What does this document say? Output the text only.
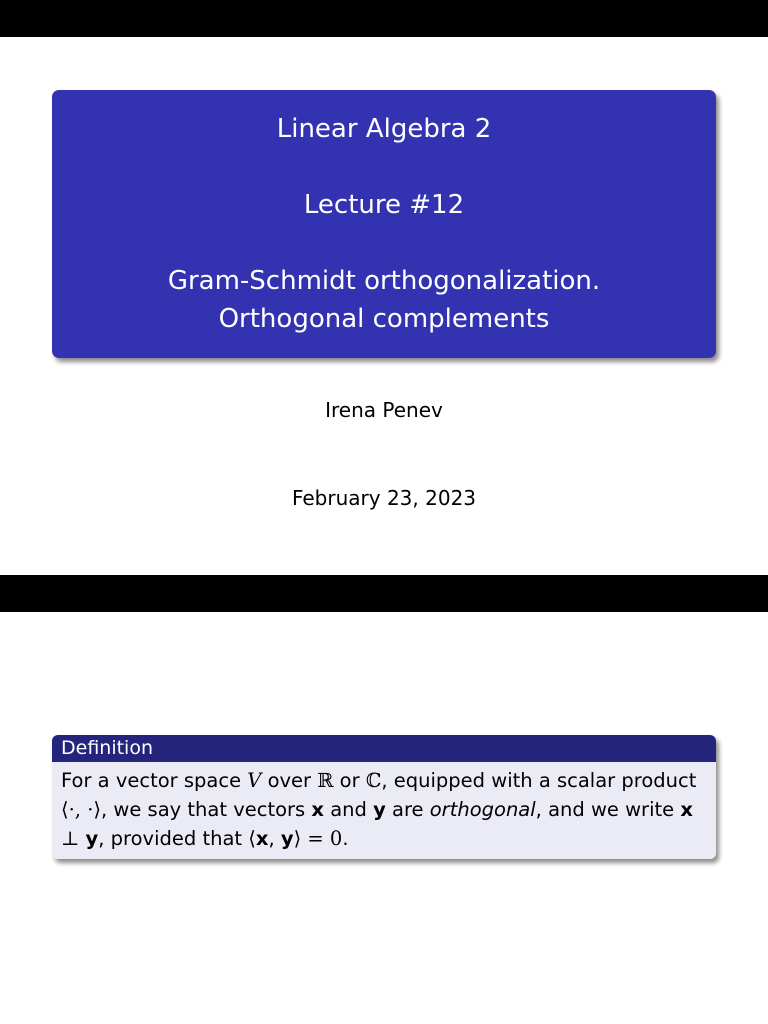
Linear Algebra 2
Lecture #12
Gram-Schmidt orthogonalization. Orthogonal complements
Irena Penev
February 23, 2023
Definition
For a vector space V over ℝ or ℂ, equipped with a scalar product ⟨·, ·⟩, we say that vectors x and y are orthogonal, and we write x ⊥ y, provided that ⟨x, y⟩ = 0.
